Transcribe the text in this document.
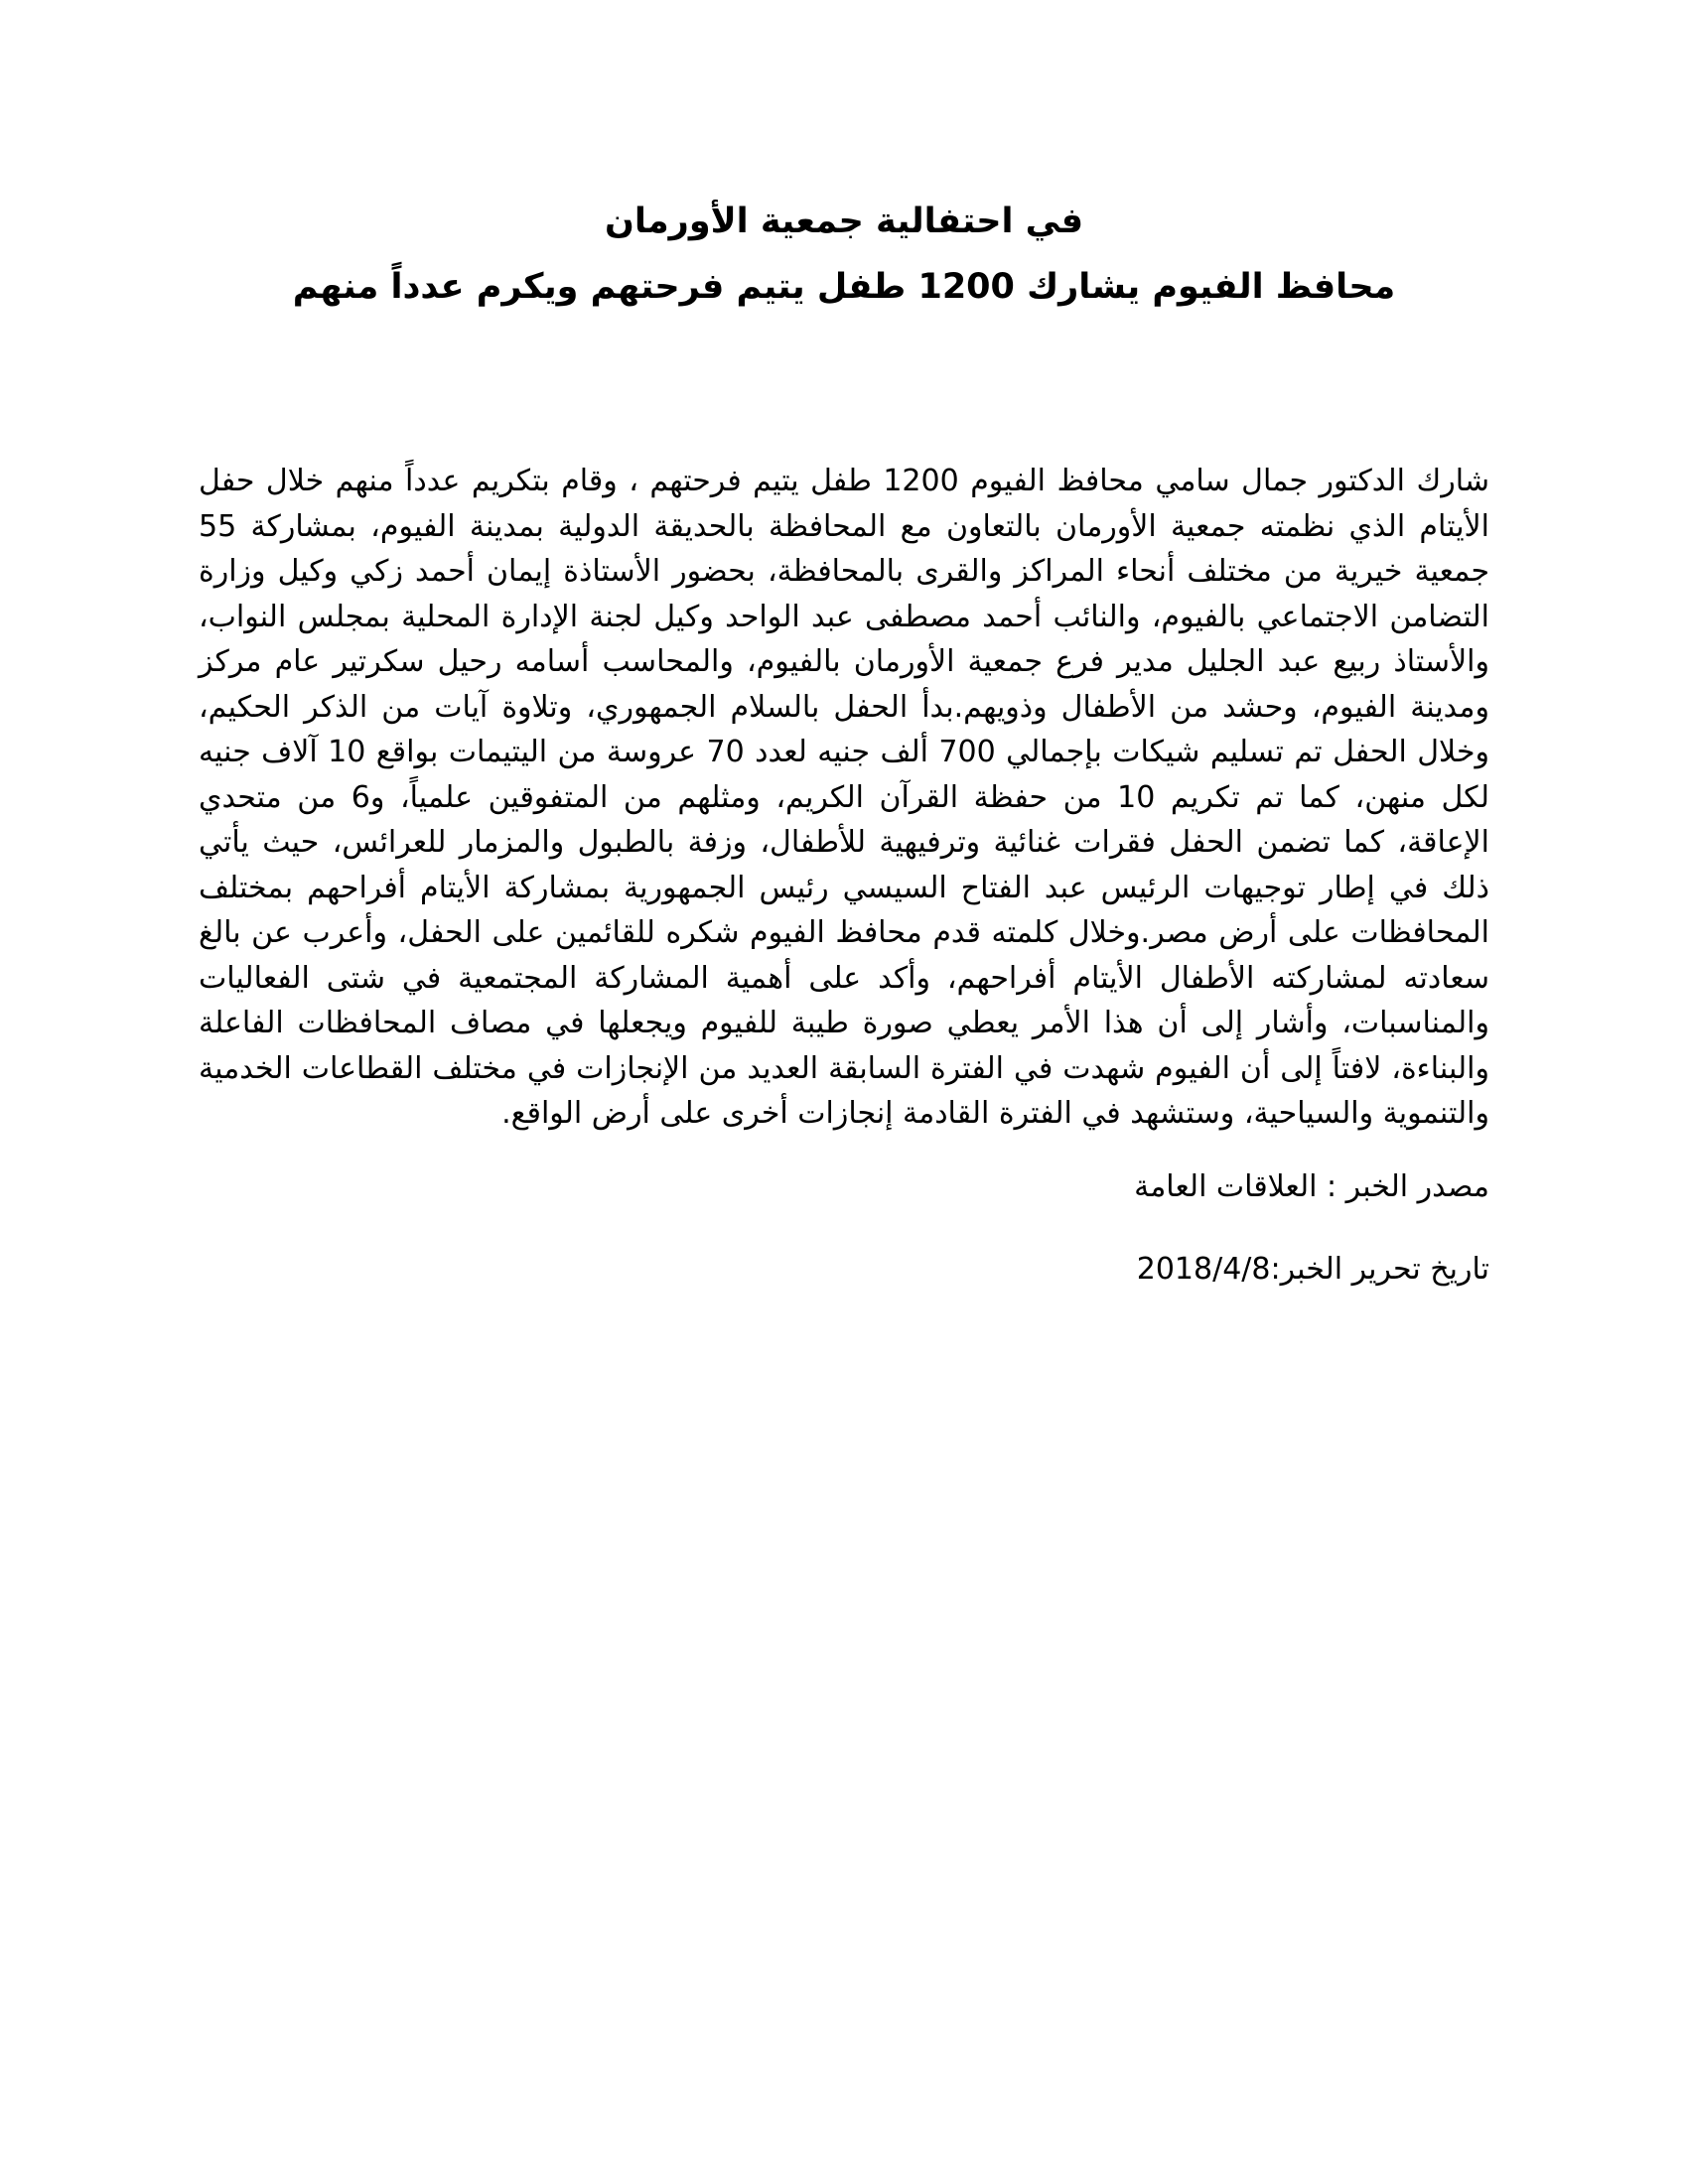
في احتفالية جمعية الأورمان

محافظ الفيوم يشارك 1200 طفل يتيم فرحتهم ويكرم عدداً منهم

شارك الدكتور جمال سامي محافظ الفيوم 1200 طفل يتيم فرحتهم ، وقام بتكريم عدداً منهم خلال حفل الأيتام الذي نظمته جمعية الأورمان بالتعاون مع المحافظة بالحديقة الدولية بمدينة الفيوم، بمشاركة 55 جمعية خيرية من مختلف أنحاء المراكز والقرى بالمحافظة، بحضور الأستاذة إيمان أحمد زكي وكيل وزارة التضامن الاجتماعي بالفيوم، والنائب أحمد مصطفى عبد الواحد وكيل لجنة الإدارة المحلية بمجلس النواب، والأستاذ ربيع عبد الجليل مدير فرع جمعية الأورمان بالفيوم، والمحاسب أسامه رحيل سكرتير عام مركز ومدينة الفيوم، وحشد من الأطفال وذويهم.بدأ الحفل بالسلام الجمهوري، وتلاوة آيات من الذكر الحكيم، وخلال الحفل تم تسليم شيكات بإجمالي 700 ألف جنيه لعدد 70 عروسة من اليتيمات بواقع 10 آلاف جنيه لكل منهن، كما تم تكريم 10 من حفظة القرآن الكريم، ومثلهم من المتفوقين علمياً، و6 من متحدي الإعاقة، كما تضمن الحفل فقرات غنائية وترفيهية للأطفال، وزفة بالطبول والمزمار للعرائس، حيث يأتي ذلك في إطار توجيهات الرئيس عبد الفتاح السيسي رئيس الجمهورية بمشاركة الأيتام أفراحهم بمختلف المحافظات على أرض مصر.وخلال كلمته قدم محافظ الفيوم شكره للقائمين على الحفل، وأعرب عن بالغ سعادته لمشاركته الأطفال الأيتام أفراحهم، وأكد على أهمية المشاركة المجتمعية في شتى الفعاليات والمناسبات، وأشار إلى أن هذا الأمر يعطي صورة طيبة للفيوم ويجعلها في مصاف المحافظات الفاعلة والبناءة، لافتاً إلى أن الفيوم شهدت في الفترة السابقة العديد من الإنجازات في مختلف القطاعات الخدمية والتنموية والسياحية، وستشهد في الفترة القادمة إنجازات أخرى على أرض الواقع.

مصدر الخبر : العلاقات العامة

تاريخ تحرير الخبر:2018/4/8
